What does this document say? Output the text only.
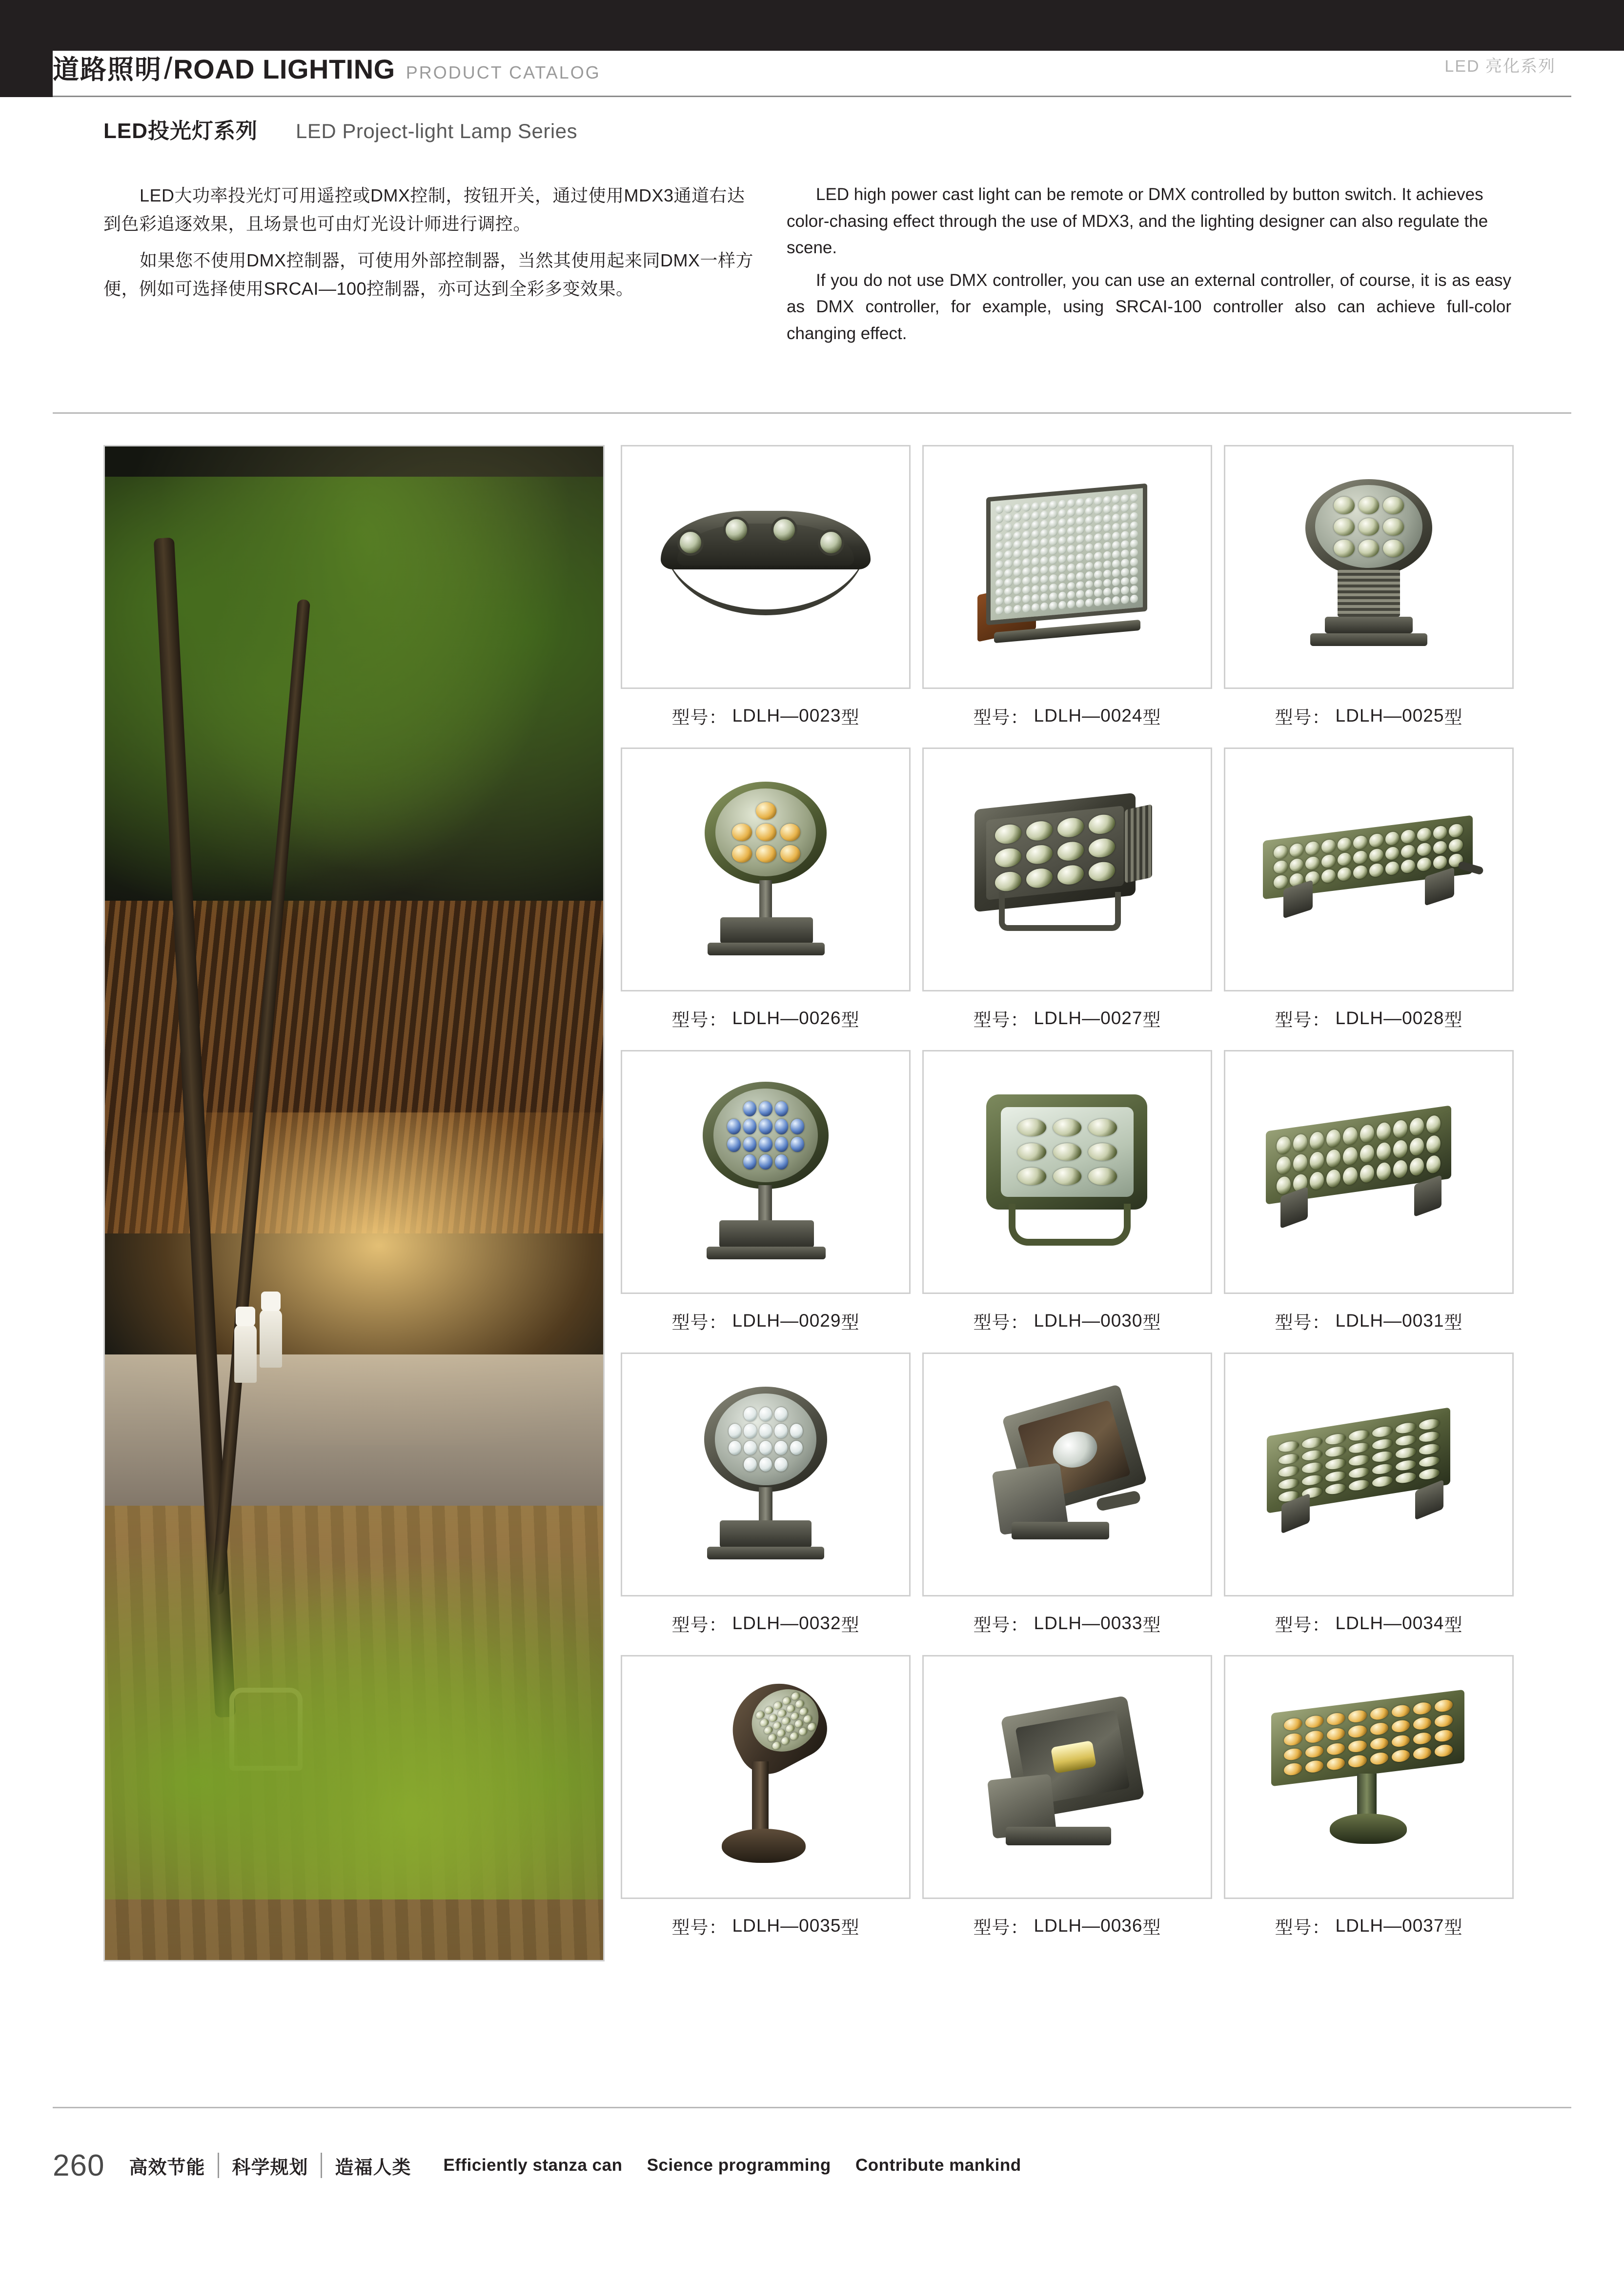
道路照明 / ROAD LIGHTING PRODUCT CATALOG	LED 亮化系列
LED投光灯系列 LED Project-light Lamp Series

LED大功率投光灯可用遥控或DMX控制，按钮开关，通过使用MDX3通道右达到色彩追逐效果，且场景也可由灯光设计师进行调控。

如果您不使用DMX控制器，可使用外部控制器，当然其使用起来同DMX一样方便，例如可选择使用SRCAI—100控制器，亦可达到全彩多变效果。

LED high power cast light can be remote or DMX controlled by button switch. It achieves color-chasing effect through the use of MDX3, and the lighting designer can also regulate the scene.

If you do not use DMX controller, you can use an external controller, of course, it is as easy as DMX controller, for example, using SRCAI-100 controller also can achieve full-color changing effect.

型号： LDLH—0023 型	型号： LDLH—0024 型	型号： LDLH—0025 型
型号： LDLH—0026 型	型号： LDLH—0027 型	型号： LDLH—0028 型
型号： LDLH—0029 型	型号： LDLH—0030 型	型号： LDLH—0031 型
型号： LDLH—0032 型	型号： LDLH—0033 型	型号： LDLH—0034 型
型号： LDLH—0035 型	型号： LDLH—0036 型	型号： LDLH—0037 型
260	高效节能	科学规划	造福人类	Efficiently stanza can Science programming Contribute mankind
